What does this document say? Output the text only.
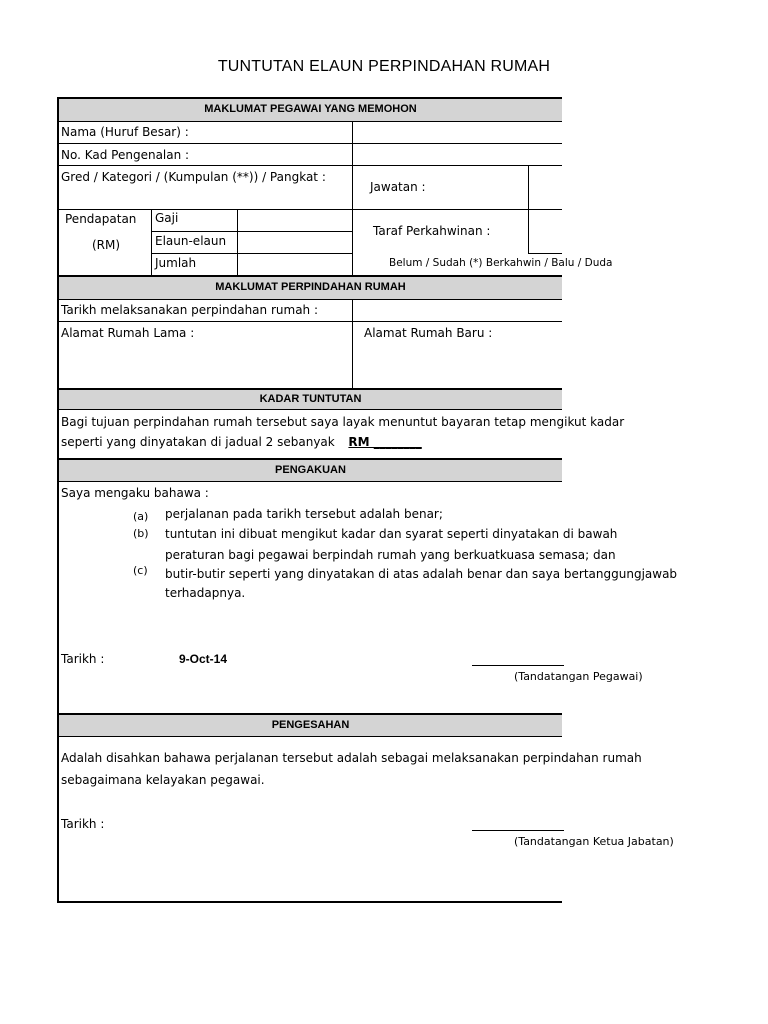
TUNTUTAN ELAUN PERPINDAHAN RUMAH
MAKLUMAT PEGAWAI YANG MEMOHON
Nama (Huruf Besar) :
No. Kad Pengenalan :
Gred / Kategori / (Kumpulan (**)) / Pangkat :
Jawatan :
Pendapatan
(RM)
Gaji
Elaun-elaun
Jumlah
Taraf Perkahwinan :
Belum / Sudah (*) Berkahwin / Balu / Duda
MAKLUMAT PERPINDAHAN RUMAH
Tarikh melaksanakan perpindahan rumah :
Alamat Rumah Lama :	Alamat Rumah Baru :
KADAR TUNTUTAN
Bagi tujuan perpindahan rumah tersebut saya layak menuntut bayaran tetap mengikut kadar
seperti yang dinyatakan di jadual 2 sebanyak RM ________
PENGAKUAN
Saya mengaku bahawa :
(a) perjalanan pada tarikh tersebut adalah benar;
(b) tuntutan ini dibuat mengikut kadar dan syarat seperti dinyatakan di bawah
(c)
peraturan bagi pegawai berpindah rumah yang berkuatkuasa semasa; dan
butir-butir seperti yang dinyatakan di atas adalah benar dan saya bertanggungjawab
terhadapnya.
Tarikh :	9-Oct-14
(Tandatangan Pegawai)
PENGESAHAN
Adalah disahkan bahawa perjalanan tersebut adalah sebagai melaksanakan perpindahan rumah
sebagaimana kelayakan pegawai.
Tarikh :
(Tandatangan Ketua Jabatan)
